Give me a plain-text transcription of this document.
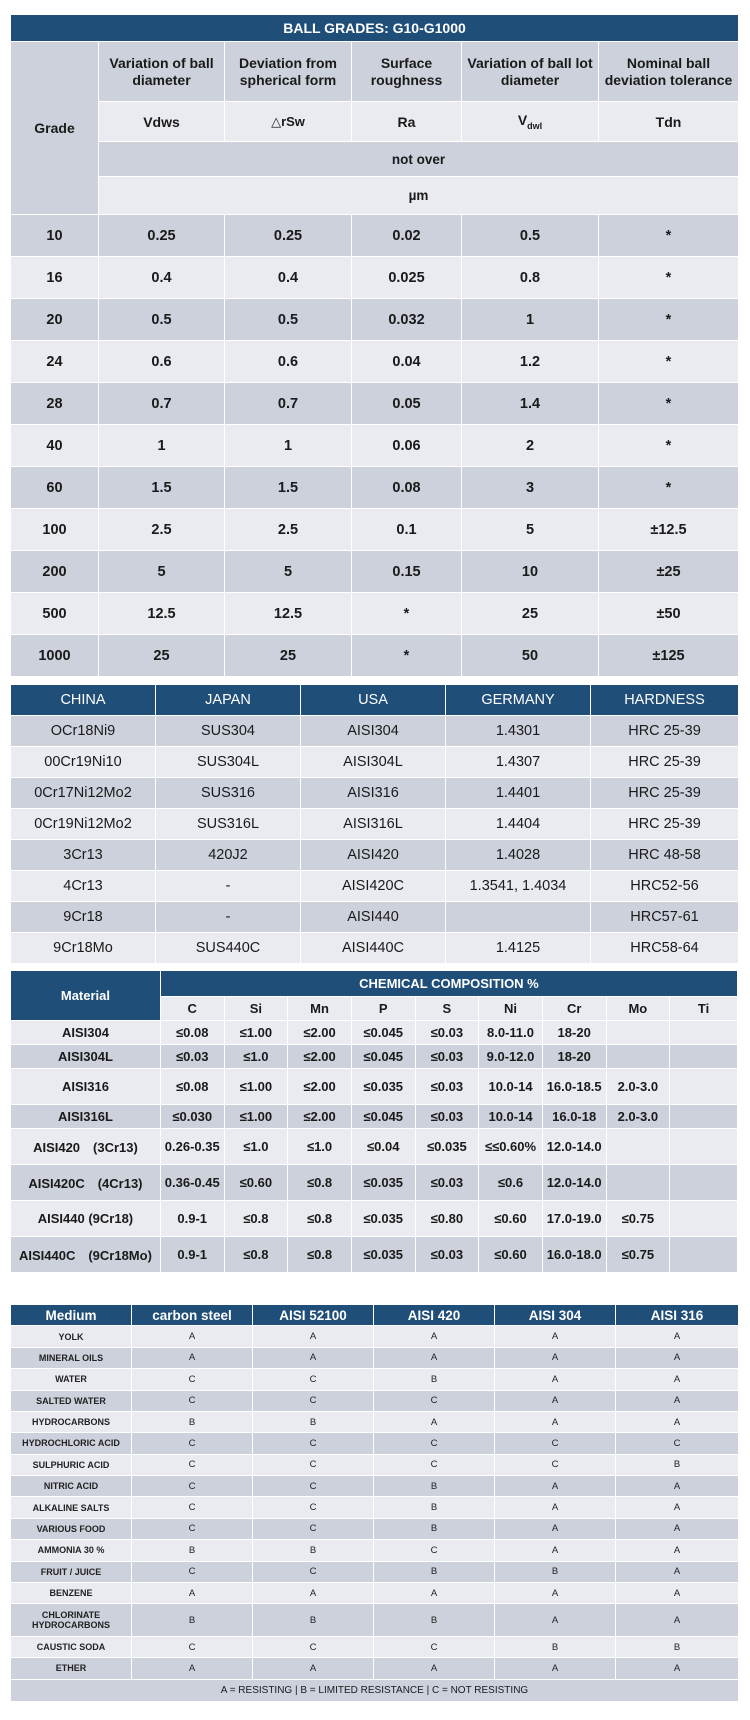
BALL GRADES: G10-G1000					
Grade	Variation of ball diameter	Deviation from spherical form	Surface roughness	Variation of ball lot diameter	Nominal ball deviation tolerance
	Vdws	△rSw	Ra	$V_{dwl}$	Tdn
	not over				
	µm				
10	0.25	0.25	0.02	0.5	*
16	0.4	0.4	0.025	0.8	*
20	0.5	0.5	0.032	1	*
24	0.6	0.6	0.04	1.2	*
28	0.7	0.7	0.05	1.4	*
40	1	1	0.06	2	*
60	1.5	1.5	0.08	3	*
100	2.5	2.5	0.1	5	±12.5
200	5	5	0.15	10	±25
500	12.5	12.5	*	25	±50
1000	25	25	*	50	±125
CHINA	JAPAN	USA	GERMANY	HARDNESS
OCr18Ni9	SUS304	AISI304	1.4301	HRC 25-39
00Cr19Ni10	SUS304L	AISI304L	1.4307	HRC 25-39
0Cr17Ni12Mo2	SUS316	AISI316	1.4401	HRC 25-39
0Cr19Ni12Mo2	SUS316L	AISI316L	1.4404	HRC 25-39
3Cr13	420J2	AISI420	1.4028	HRC 48-58
4Cr13	-	AISI420C	1.3541, 1.4034	HRC52-56
9Cr18	-	AISI440		HRC57-61
9Cr18Mo	SUS440C	AISI440C	1.4125	HRC58-64
Material	CHEMICAL COMPOSITION %								
	C	Si	Mn	P	S	Ni	Cr	Mo	Ti
AISI304	≤0.08	≤1.00	≤2.00	≤0.045	≤0.03	8.0-11.0	18-20		
AISI304L	≤0.03	≤1.0	≤2.00	≤0.045	≤0.03	9.0-12.0	18-20		
AISI316	≤0.08	≤1.00	≤2.00	≤0.035	≤0.03	10.0-14	16.0-18.5	2.0-3.0	
AISI316L	≤0.030	≤1.00	≤2.00	≤0.045	≤0.03	10.0-14	16.0-18	2.0-3.0	
AISI420　(3Cr13)	0.26-0.35	≤1.0	≤1.0	≤0.04	≤0.035	≤≤0.60%	12.0-14.0		
AISI420C　(4Cr13)	0.36-0.45	≤0.60	≤0.8	≤0.035	≤0.03	≤0.6	12.0-14.0		
AISI440 (9Cr18)	0.9-1	≤0.8	≤0.8	≤0.035	≤0.80	≤0.60	17.0-19.0	≤0.75	
AISI440C　(9Cr18Mo)	0.9-1	≤0.8	≤0.8	≤0.035	≤0.03	≤0.60	16.0-18.0	≤0.75	
Medium	carbon steel	AISI 52100	AISI 420	AISI 304	AISI 316
YOLK	A	A	A	A	A
MINERAL OILS	A	A	A	A	A
WATER	C	C	B	A	A
SALTED WATER	C	C	C	A	A
HYDROCARBONS	B	B	A	A	A
HYDROCHLORIC ACID	C	C	C	C	C
SULPHURIC ACID	C	C	C	C	B
NITRIC ACID	C	C	B	A	A
ALKALINE SALTS	C	C	B	A	A
VARIOUS FOOD	C	C	B	A	A
AMMONIA 30 %	B	B	C	A	A
FRUIT / JUICE	C	C	B	B	A
BENZENE	A	A	A	A	A
CHLORINATE HYDROCARBONS	B	B	B	A	A
CAUSTIC SODA	C	C	C	B	B
ETHER	A	A	A	A	A
A = RESISTING | B = LIMITED RESISTANCE | C = NOT RESISTING					
